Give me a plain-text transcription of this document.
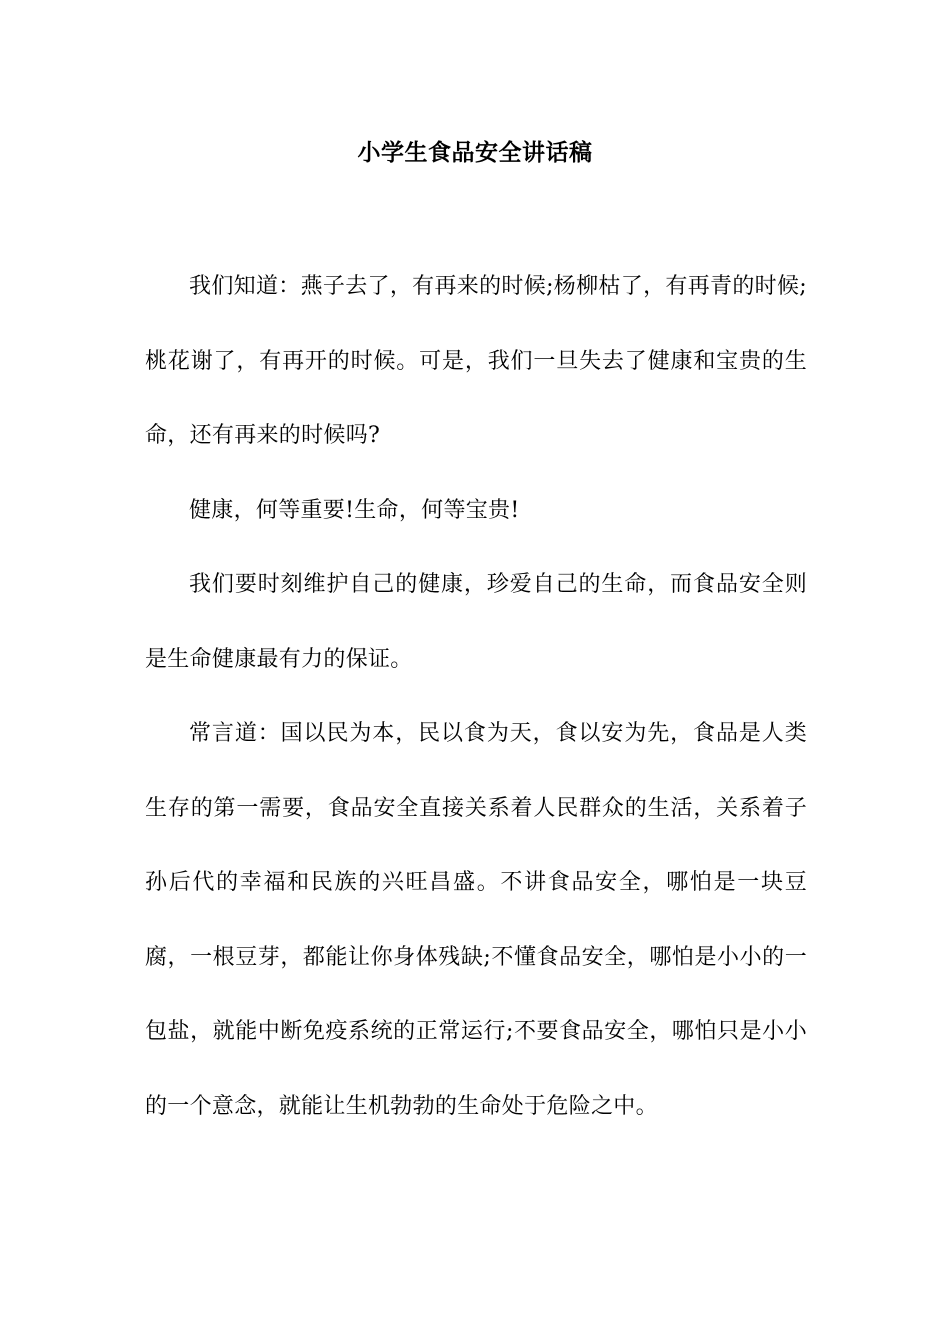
小学生食品安全讲话稿

我们知道：燕子去了，有再来的时候;杨柳枯了，有再青的时候;桃花谢了，有再开的时候。可是，我们一旦失去了健康和宝贵的生命，还有再来的时候吗?

健康，何等重要!生命，何等宝贵!

我们要时刻维护自己的健康，珍爱自己的生命，而食品安全则是生命健康最有力的保证。

常言道：国以民为本，民以食为天，食以安为先，食品是人类生存的第一需要，食品安全直接关系着人民群众的生活，关系着子孙后代的幸福和民族的兴旺昌盛。不讲食品安全，哪怕是一块豆腐，一根豆芽，都能让你身体残缺;不懂食品安全，哪怕是小小的一包盐，就能中断免疫系统的正常运行;不要食品安全，哪怕只是小小的一个意念，就能让生机勃勃的生命处于危险之中。
